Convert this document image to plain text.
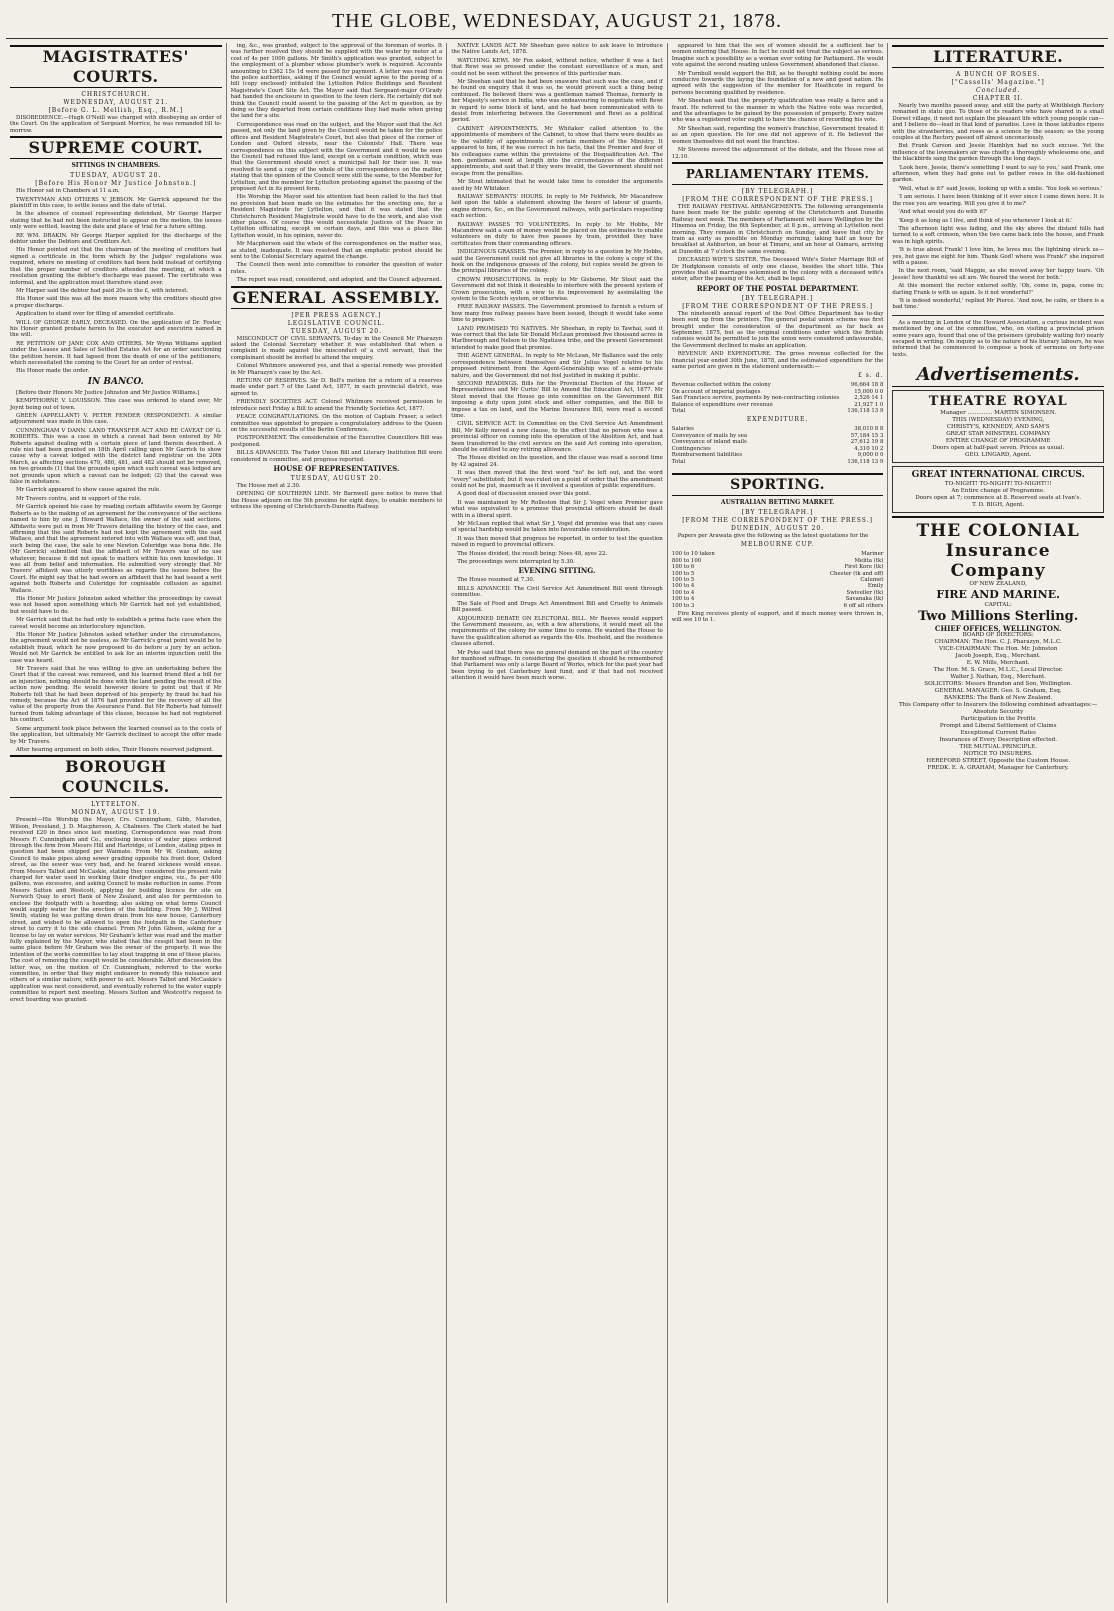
THE GLOBE, WEDNESDAY, AUGUST 21, 1878.
MAGISTRATES' COURTS.
CHRISTCHURCH.
WEDNESDAY, AUGUST 21.
[Before G. L. Mellish, Esq., R.M.]

DISOBEDIENCE.—Hugh O'Neill was charged with disobeying an order of the Court. On the application of Sergeant Morrice, he was remanded till to-morrow.

SUPREME COURT.
SITTINGS IN CHAMBERS.
TUESDAY, AUGUST 20.
[Before His Honor Mr Justice Johnston.]

His Honor sat in Chambers at 11 a.m.

TWENTYMAN AND OTHERS V. JEBSON. Mr Garrick appeared for the plaintiff in this case, to settle issues and the date of trial.

In the absence of counsel representing defendant, Mr George Harper stating that he had not been instructed to appear on the motion, the issues only were settled, leaving the date and place of trial for a future sitting.

RE WM. DRAKIN. Mr George Harper applied for the discharge of the debtor under the Debtors and Creditors Act.

His Honor pointed out that the chairman of the meeting of creditors had signed a certificate in the form which by the Judges' regulations was required, where no meeting of creditors had been held instead of certifying that the proper number of creditors attended the meeting, at which a resolution granting the debtor's discharge was passed. The certificate was informal, and the application must therefore stand over.

Mr Harper said the debtor had paid 20s in the £, with interest.

His Honor said this was all the more reason why the creditors should give a proper discharge.

Application to stand over for filing of amended certificate.

WILL OF GEORGE EARLY, DECEASED. On the application of Dr. Foster, his Honor granted probate herein to the executor and executrix named in the will.

RE PETITION OF JANE COX AND OTHERS. Mr Wynn Williams applied under the Leases and Sales of Settled Estates Act for an order sanctioning the petition herein. It had lapsed from the death of one of the petitioners, which necessitated the coming to the Court for an order of revival.

His Honor made the order.

IN BANCO.

[Before their Honors Mr Justice Johnston and Mr Justice Williams.]

KEMPTHORNE V. LOUISSON. This case was ordered to stand over, Mr Joynt being out of town.

GREEN (APPELLANT) V. PETER FENDER (RESPONDENT). A similar adjournment was made in this case.

CUNNINGHAM V DANN. LAND TRANSFER ACT AND RE CAVEAT OF G. ROBERTS. This was a case in which a caveat had been entered by Mr Roberts against dealing with a certain piece of land therein described. A rule nisi had been granted on 18th April calling upon Mr Garrick to show cause why a caveat lodged with the district land registrar on the 20th March, as affecting sections 479, 480, 481, and 482 should not be removed, on two grounds (1) that the grounds upon which such caveat was lodged are not grounds upon which a caveat can be lodged; (2) that the caveat was false in substance.

Mr Garrick appeared to show cause against the rule.

Mr Travers contra, and in support of the rule.

Mr Garrick opened his case by reading certain affidavits sworn by George Roberts as to the making of an agreement for the conveyance of the sections named to him by one J. Howard Wallace, the owner of the said sections. Affidavits were put in from Mr Travers detailing the history of the case, and affirming that the said Roberts had not kept the agreement with the said Wallace, and that the agreement entered into with Wallace was off, and that, such being the case, the sale to one Newton Coleridge was bona fide. He (Mr Garrick) submitted that the affidavit of Mr Travers was of no use whatever, because it did not speak to matters within his own knowledge. It was all from belief and information. He submitted very strongly that Mr Travers' affidavit was utterly worthless as regards the issues before the Court. He might say that he had sworn an affidavit that he had issued a writ against both Roberts and Coleridge for cognisable collusion as against Wallace.

His Honor Mr Justice Johnston asked whether the proceedings by caveat was not based upon something which Mr Garrick had not yet established, but would have to do.

Mr Garrick said that he had only to establish a prima facie case when the caveat would become an interlocutory injunction.

His Honor Mr Justice Johnston asked whether under the circumstances, the agreement would not be useless, as Mr Garrick's great point would be to establish fraud, which he now proposed to do before a jury by an action. Would not Mr Garrick be entitled to ask for an interim injunction until the case was heard.

Mr Travers said that he was willing to give an undertaking before the Court that if the caveat was removed, and his learned friend filed a bill for an injunction, nothing should be done with the land pending the result of the action now pending. He would however desire to point out that if Mr Roberts felt that he had been deprived of his property by fraud he had his remedy, because the Act of 1876 had provided for the recovery of all the value of the property from the Assurance Fund. But Mr Roberts had himself turned from taking advantage of this clause, because he had not registered his contract.

Some argument took place between the learned counsel as to the costs of the application, but ultimately Mr Garrick declined to accept the offer made by Mr Travers.

After hearing argument on both sides, Their Honors reserved judgment.

BOROUGH COUNCILS.
LYTTELTON.
MONDAY, AUGUST 19.

Present—His Worship the Mayor, Crs. Cunningham, Gibb, Marsden, Wilson, Pressland, J. D. Macpherson, A. Chalmers. The Clerk stated he had received £20 in fines since last meeting. Correspondence was read from Messrs F. Cunningham and Co., enclosing invoice of water pipes ordered through the firm from Messrs Hill and Hartridge, of London, stating pipes in question had been shipped per Waimate. From Mr W. Graham, asking Council to make pipes along sewer grading opposite his front door, Oxford street, as the sewer was very bad, and he feared sickness would ensue. From Messrs Talbot and McCaskie, stating they considered the present rate charged for water used in working their dredger engine, viz., 5s per 400 gallons, was excessive, and asking Council to make reduction in same. From Messrs Sutton and Westcott, applying for building licence for site on Norwich Quay to erect Bank of New Zealand, and also for permission to enclose the footpath with a hoarding; also asking on what terms Council would supply water for the erection of the building. From Mr J. Wilfred Smith, stating he was putting down drain from his new house, Canterbury street, and wished to be allowed to open the footpath in the Canterbury street to carry it to the side channel. From Mr John Gibson, asking for a license to lay on water services. Mr Graham's letter was read and the matter fully explained by the Mayor, who stated that the cesspit had been in the same place before Mr Graham was the owner of the property. It was the intention of the works committee to lay stout trapping in one of these places. The cost of removing the cesspit would be considerable. After discussion the letter was, on the motion of Cr. Cunningham, referred to the works committee, in order that they might endeavor to remedy this nuisance and others of a similar nature, with power to act. Messrs Talbot and McCaskie's application was next considered, and eventually referred to the water supply committee to report next meeting. Messrs Sutton and Westcott's request to erect hoarding was granted.

ing, &c., was granted, subject to the approval of the foreman of works. It was further resolved they should be supplied with the water by meter at a cost of 4s per 1000 gallons. Mr Smith's application was granted, subject to the employment of a plumber whose plumber's work is required. Accounts amounting to £362 15s 1d were passed for payment. A letter was read from the police authorities, asking if the Council would agree to the paving of a hill (copy enclosed) intituled the Lyttelton Police Buildings and Resident Magistrate's Court Site Act. The Mayor said that Sergeant-major O'Grady had handed the enclosure in question to the town clerk. He certainly did not think the Council could assent to the passing of the Act in question, as by doing so they departed from certain conditions they had made when giving the land for a site.

Correspondence was read on the subject, and the Mayor said that the Act passed, not only the land given by the Council would be taken for the police offices and Resident Magistrate's Court, but also that piece of the corner of London and Oxford streets, near the Colonists' Hall. There was correspondence on this subject with the Government and it would be seen the Council had refused this land, except on a certain condition, which was that the Government should erect a municipal hall for their use. It was resolved to send a copy of the whole of the correspondence on the matter, stating that the opinion of the Council were still the same, to the Member for Lyttelton, and the member for Lyttelton protesting against the passing of the proposed Act in its present form.

His Worship the Mayor said his attention had been called to the fact that no provision had been made on the estimates for the erecting one, for a Resident Magistrate for Lyttelton, and that it was stated that the Christchurch Resident Magistrate would have to do the work, and also visit other places. Of course this would necessitate Justices of the Peace in Lyttelton officiating, except on certain days, and this was a place like Lyttelton would, in his opinion, never do.

Mr Macpherson said the whole of the correspondence on the matter was, as stated, inadequate. It was resolved that an emphatic protest should be sent to the Colonial Secretary against the change.

The Council then went into committee to consider the question of water rates.

The report was read, considered, and adopted, and the Council adjourned.

GENERAL ASSEMBLY.
[PER PRESS AGENCY.]
LEGISLATIVE COUNCIL.
TUESDAY, AUGUST 20.

MISCONDUCT OF CIVIL SERVANTS. To-day in the Council Mr Pharazyn asked the Colonial Secretary whether it was established that when a complaint is made against the misconduct of a civil servant, that the complainant should be invited to attend the enquiry.

Colonel Whitmore answered yes, and that a special remedy was provided in Mr Pharazyn's case by the Act.

RETURN OF RESERVES. Sir D. Bell's motion for a return of a reserves made under part 7 of the Land Act, 1877, in each provincial district, was agreed to.

FRIENDLY SOCIETIES ACT. Colonel Whitmore received permission to introduce next Friday a Bill to amend the Friendly Societies Act, 1877.

PEACE CONGRATULATIONS. On the motion of Captain Fraser, a select committee was appointed to prepare a congratulatory address to the Queen on the successful results of the Berlin Conference.

POSTPONEMENT. The consideration of the Executive Councillors Bill was postponed.

BILLS ADVANCED. The Tudor Union Bill and Literary Institution Bill were considered in committee, and progress reported.

HOUSE OF REPRESENTATIVES.
TUESDAY, AUGUST 20.

The House met at 2.30.

OPENING OF SOUTHERN LINE. Mr Barnwell gave notice to move that the House adjourn on the 5th proximo for eight days, to enable members to witness the opening of Christchurch-Dunedin Railway.

NATIVE LANDS ACT. Mr Sheehan gave notice to ask leave to introduce the Native Lands Act, 1878.

WATCHING KEWI. Mr Fox asked, without notice, whether it was a fact that Rewi was so pressed under the constant surveillance of a man, and could not be seen without the presence of this particular man.

Mr Sheehan said that he had been unaware that such was the case, and if he found on enquiry that it was so, he would prevent such a thing being continued. He believed there was a gentleman named Thomas, formerly in her Majesty's service in India, who was endeavouring to negotiate with Rewi in regard to some block of land, and he had been communicated with to desist from interfering between the Government and Rewi as a political period.

CABINET APPOINTMENTS. Mr Whitaker called attention to the appointments of members of the Cabinet, to show that there were doubts as to the validity of appointments of certain members of the Ministry. It appeared to him, if he was correct in his facts, that the Premier and four of his colleagues came within the provisions of the Disqualification Act. The hon. gentleman went at length into the circumstances of the different appointments, and said that if they were invalid, the Government should not escape from the penalties.

Mr Stout intimated that he would take time to consider the arguments used by Mr Whitaker.

RAILWAY SERVANTS' HOURS. In reply to Mr Feldwick, Mr Macandrew laid upon the table a statement showing the hours of labour of guards, engine drivers, &c., on the Government railways, with particulars respecting each section.

RAILWAY PASSES TO VOLUNTEERS. In reply to Mr Hobbs, Mr Macandrew said a sum of money would be placed on the estimates to enable volunteers on duty to have free passes by train, provided they have certificates from their commanding officers.

INDIGENOUS GRASSES. The Premier, in reply to a question by Mr Hobbs, said the Government could not give all libraries in the colony a copy of the book on the indigenous grasses of the colony, but copies would be given to the principal libraries of the colony.

CROWN PROSECUTIONS. In reply to Mr Gisborne, Mr Stout said the Government did not think it desirable to interfere with the present system of Crown prosecution, with a view to its improvement by assimilating the system to the Scotch system, or otherwise.

FREE RAILWAY PASSES. The Government promised to furnish a return of how many free railway passes have been issued, though it would take some time to prepare.

LAND PROMISED TO NATIVES. Mr Sheehan, in reply to Tawhai, said it was correct that the late Sir Donald McLean promised five thousand acres in Marlborough and Nelson to the Ngatiawa tribe, and the present Government intended to make good that promise.

THE AGENT GENERAL. In reply to Mr McLean, Mr Ballance said the only correspondence between themselves and Sir Julius Vogel relative to his proposed retirement from the Agent-Generalship was of a semi-private nature, and the Government did not feel justified in making it public.

SECOND READINGS. Bills for the Provincial Election of the House of Representatives and Mr Curtis' Bill to Amend the Education Act, 1877. Mr Stout moved that the House go into committee on the Government Bill imposing a duty upon joint stock and other companies, and the Bill to impose a tax on land, and the Marine Insurance Bill, were read a second time.

CIVIL SERVICE ACT. In Committee on the Civil Service Act Amendment Bill, Mr Kelly moved a new clause, to the effect that no person who was a provincial officer on coming into the operation of the Abolition Act, and had been transferred to the civil service on the said Act coming into operation, should be entitled to any retiring allowance.

The House divided on the question, and the clause was read a second time by 42 against 24.

It was then moved that the first word "no" be left out, and the word "every" substituted; but it was ruled on a point of order that the amendment could not be put, inasmuch as it involved a question of public expenditure.

A good deal of discussion ensued over this point.

It was maintained by Mr Rolleston that Sir J. Vogel when Premier gave what was equivalent to a promise that provincial officers should be dealt with in a liberal spirit.

Mr McLean replied that what Sir J. Vogel did promise was that any cases of special hardship would be taken into favourable consideration.

It was then moved that progress be reported, in order to test the question raised in regard to provincial officers.

The House divided, the result being: Noes 48, ayes 22.

The proceedings were interrupted by 5.30.

EVENING SITTING.

The House resumed at 7.30.

BILLS ADVANCED. The Civil Service Act Amendment Bill went through committee.

The Sale of Food and Drugs Act Amendment Bill and Cruelty to Animals Bill passed.

ADJOURNED DEBATE ON ELECTORAL BILL. Mr Reeves would support the Government measure, as, with a few alterations, it would meet all the requirements of the colony for some time to come. He wanted the House to have the qualification altered as regards the 40s. freehold, and the residence clauses altered.

Mr Pyke said that there was no general demand on the part of the country for manhood suffrage. In considering the question it should be remembered that Parliament was only a large Board of Works, which for the past year had been trying to get Canterbury land fund, and if that had not received attention it would have been much worse.

appeared to him that the sex of women should be a sufficient bar to women entering that House. In fact he could not treat the subject as serious. Imagine such a possibility as a woman ever voting for Parliament. He would vote against the second reading unless Government abandoned that clause.

Mr Turnbull would support the Bill, as he thought nothing could be more conducive towards the laying the foundation of a new and good nation. He agreed with the suggestion of the member for Heathcote in regard to persons becoming qualified by residence.

Mr Sheehan said that the property qualification was really a farce and a fraud. He referred to the manner in which the Native vote was recorded, and the advantages to be gained by the possession of property. Every native who was a registered voter ought to have the chance of recording his vote.

Mr Sheehan said, regarding the women's franchise, Government treated it as an open question. He for one did not approve of it. He believed the women themselves did not want the franchise.

Mr Stevens moved the adjournment of the debate, and the House rose at 12.10.

PARLIAMENTARY ITEMS.
[BY TELEGRAPH.]
[FROM THE CORRESPONDENT OF THE PRESS.]

THE RAILWAY FESTIVAL ARRANGEMENTS. The following arrangements have been made for the public opening of the Christchurch and Dunedin Railway next week. The members of Parliament will leave Wellington by the Hinemoa on Friday, the 6th September, at 8 p.m., arriving at Lyttelton next morning. They remain in Christchurch on Sunday, and leave that city by train as early as possible on Monday morning, taking half an hour for breakfast at Ashburton, an hour at Timaru, and an hour at Oamaru, arriving at Dunedin at 7 o'clock the same evening.

DECEASED WIFE'S SISTER. The Deceased Wife's Sister Marriage Bill of Dr Hodgkinson consists of only one clause, besides the short title. This provides that all marriages solemnised in the colony with a deceased wife's sister, after the passing of the Act, shall be legal.

REPORT OF THE POSTAL DEPARTMENT.
[BY TELEGRAPH.]
[FROM THE CORRESPONDENT OF THE PRESS.]

The nineteenth annual report of the Post Office Department has to-day been sent up from the printers. The general postal union scheme was first brought under the consideration of the department as far back as September, 1875, but as the original conditions under which the British colonies would be permitted to join the union were considered unfavourable, the Government declined to make an application.

REVENUE AND EXPENDITURE. The gross revenue collected for the financial year ended 30th June, 1878, and the estimated expenditure for the same period are given in the statement underneath:—

£ s. d.
Revenue collected within the colony	96,664 18 8
On account of imperial postages	15,000 0 0
San Francisco service, payments by non-contracting colonies	2,526 14 1
Balance of expenditure over revenue	21,927 1 0
Total	136,118 13 9
EXPENDITURE.
Salaries	38,010 8 8
Conveyance of mails by sea	57,184 15 3
Conveyance of inland mails	27,612 19 8
Contingencies	4,310 10 2
Reimbursement liabilities	9,000 0 0
Total	136,118 13 9
SPORTING.
AUSTRALIAN BETTING MARKET.
[BY TELEGRAPH.]
[FROM THE CORRESPONDENT OF THE PRESS.]
DUNEDIN, AUGUST 20.

Papers per Arawata give the following as the latest quotations for the

MELBOURNE CUP.
100 to 10 taken	Mariner
800 to 100	Melita (tk)
100 to 6	First Kore (tk)
100 to 5	Chester (tk and off)
100 to 5	Calumet
100 to 4	Emily
100 to 4	Swiveller (tk)
100 to 4	Savanaka (tk)
100 to 3	6 off all others

Fire King receives plenty of support, and if much money were thrown in, will see 10 to 1.

LITERATURE.
A BUNCH OF ROSES.
["Cassells' Magazine."]
Concluded.
CHAPTER II.

Nearly two months passed away, and still the party at Whitbleigh Rectory remained in statu quo. To those of its readers who have shared in a small Dorset village, it need not explain the pleasant life which young people can—and I believe do—lead in that kind of paradise. Love in those latitudes ripens with the strawberries, and roses as a science by the season; so the young couples at the Rectory passed off almost unconsciously.

But Frank Carson and Jessie Hamblyn had no such excuse. Yet the influence of the lovemakers air was chiefly a thoroughly wholesome one, and the blackbirds sang the garden through the long days.

'Look here, Jessie, there's something I want to say to you,' said Frank, one afternoon, when they had gone out to gather roses in the old-fashioned garden.

'Well, what is it?' said Jessie, looking up with a smile. 'You look so serious.'

'I am serious. I have been thinking of it ever since I came down here. It is the rose you are wearing. Will you give it to me?'

'And what would you do with it?'

'Keep it as long as I live, and think of you whenever I look at it.'

The afternoon light was fading, and the sky above the distant hills had turned to a soft crimson, when the two came back into the house, and Frank was in high spirits.

'It is true about Frank! I love him, he loves me; the lightning struck us—yes, but gave me eight for him. Thank God! where was Frank?' she inquired with a pause.

In the next room, 'said Maggie, as she moved away her happy tears. 'Oh Jessie! how thankful we all are. We feared the worst for both.'

At this moment the rector entered softly. 'Oh, come in, papa, come in; darling Frank is with us again. Is it not wonderful?'

'It is indeed wonderful,' replied Mr Pierce. 'And now, be calm, or there is a bad time.'

As a meeting in London of the Howard Association, a curious incident was mentioned by one of the committee, who, on visiting a provincial prison some years ago, found that one of the prisoners (probably waiting for) nearly escaped in writing. On inquiry as to the nature of his literary labours, he was informed that he commenced to compose a book of sermons on forty-one texts.

Advertisements.
THEATRE ROYAL
Manager .............. MARTIN SIMONSEN.
THIS (WEDNESDAY) EVENING,
CHRISTY'S, KENNEDY, AND SAM'S
GREAT STAR MINSTREL COMPANY
ENTIRE CHANGE OF PROGRAMME
Doors open at half-past seven. Prices as usual.
GEO. LINGARD, Agent.
GREAT INTERNATIONAL CIRCUS.
TO-NIGHT! TO-NIGHT! TO-NIGHT!!!
An Entire change of Programme.
Doors open at 7; commence at 8. Reserved seats at Ivan's.
T. D. BIGH, Agent.
THE COLONIAL
Insurance Company
OF NEW ZEALAND,
FIRE AND MARINE.
CAPITAL:
Two Millions Sterling.
CHIEF OFFICES, WELLINGTON.
BOARD OF DIRECTORS:
CHAIRMAN: The Hon. C. J. Pharazyn, M.L.C.
VICE-CHAIRMAN: The Hon. Mr. Johnston
Jacob Joseph, Esq., Merchant.
E. W. Mills, Merchant.
The Hon. M. S. Grace, M.L.C., Local Director.
Walter J. Nathan, Esq., Merchant.
SOLICITORS: Messrs Brandon and Son, Wellington.
GENERAL MANAGER: Geo. S. Graham, Esq.
BANKERS: The Bank of New Zealand.
This Company offer to Insurers the following combined advantages:—
Absolute Security
Participation in the Profits
Prompt and Liberal Settlement of Claims
Exceptional Current Rates
Insurances of Every Description effected.
THE MUTUAL PRINCIPLE.
NOTICE TO INSURERS.
HEREFORD STREET, Opposite the Custom House.
FREDK. E. A. GRAHAM, Manager for Canterbury.
